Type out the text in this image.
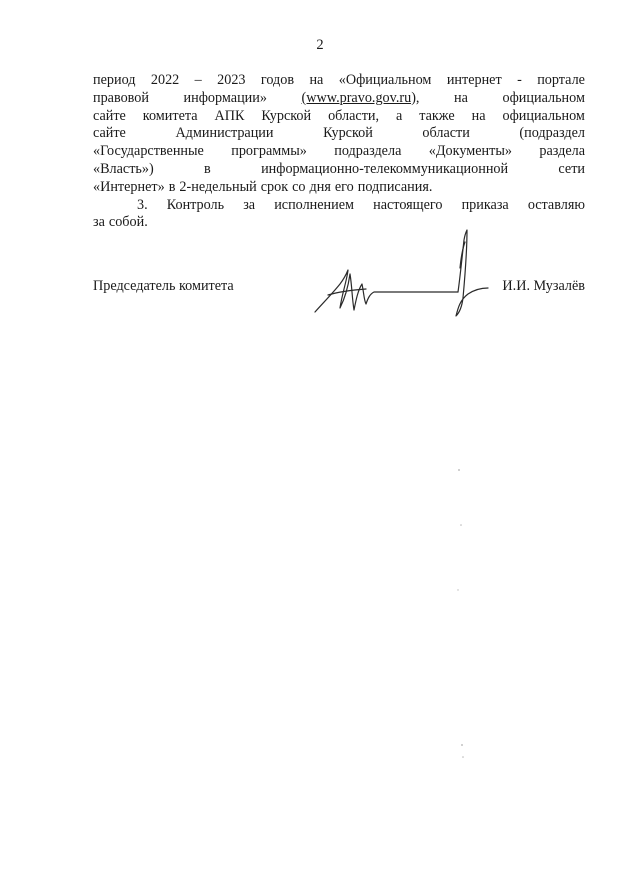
2
период 2022 – 2023 годов на «Официальном интернет - портале
правовой информации» (www.pravo.gov.ru), на официальном
сайте комитета АПК Курской области, а также на официальном
сайте	Администрации	Курской	области	(подраздел
«Государственные программы» подраздела «Документы» раздела
«Власть»)	в	информационно-телекоммуникационной	сети
«Интернет» в 2-недельный срок со дня его подписания.
3. Контроль за исполнением настоящего приказа оставляю
за собой.
Председатель комитета	И.И. Музалёв
